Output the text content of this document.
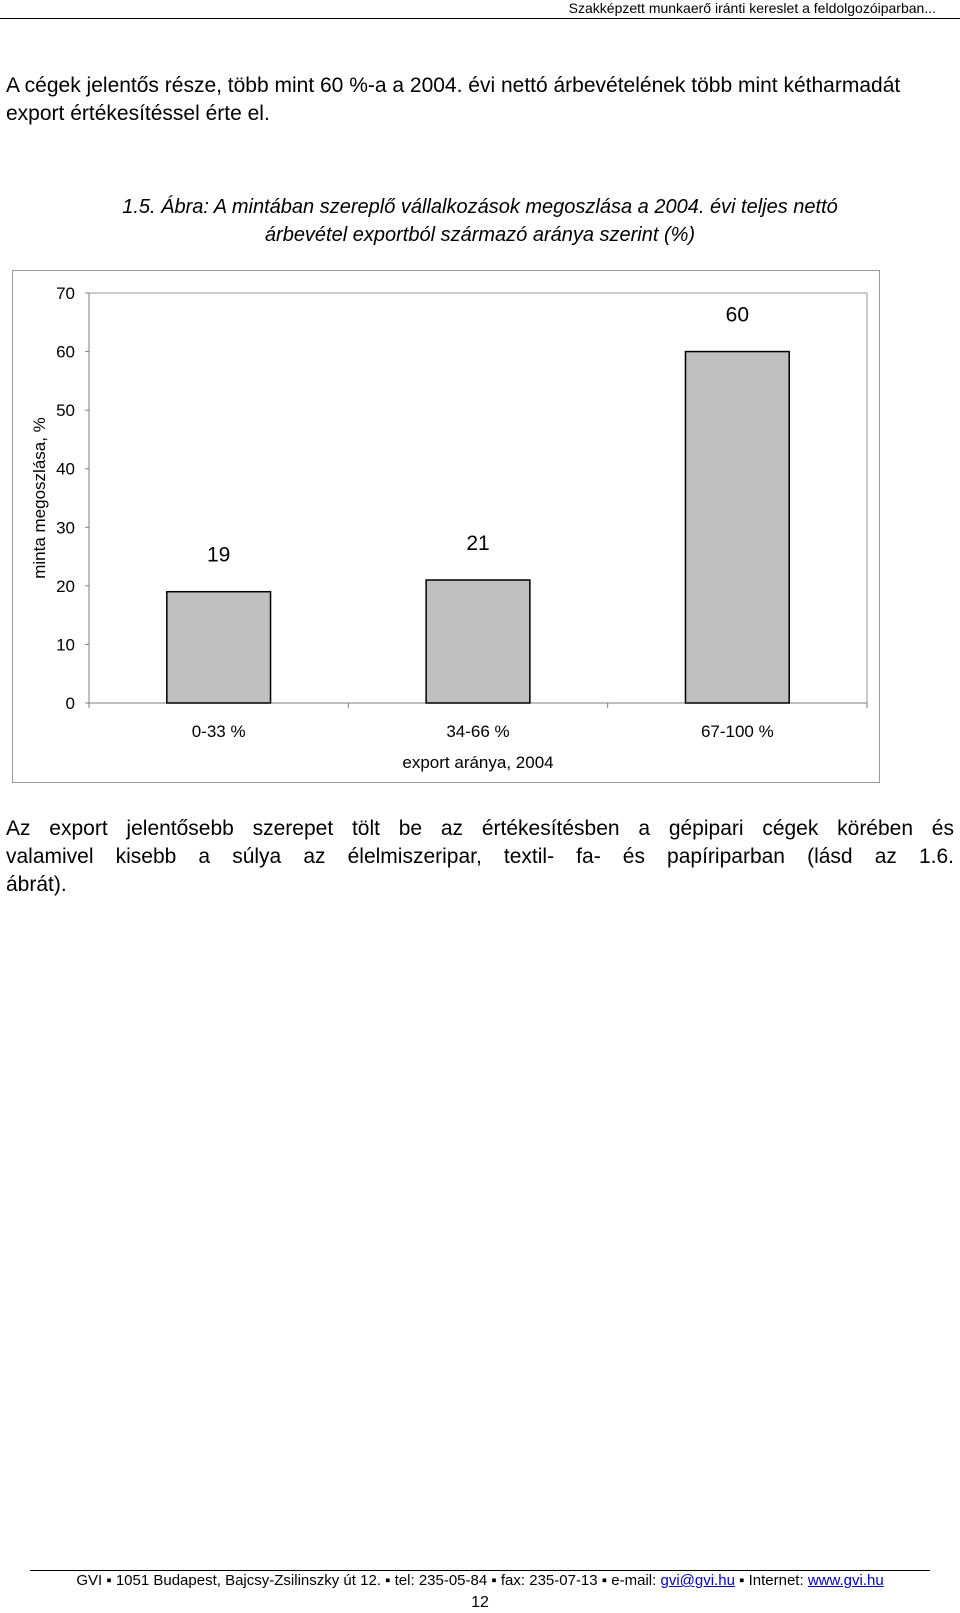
Szakképzett munkaerő iránti kereslet a feldolgozóiparban...
A cégek jelentős része, több mint 60 %-a a 2004. évi nettó árbevételének több mint kétharmadát export értékesítéssel érte el.
1.5. Ábra: A mintában szereplő vállalkozások megoszlása a 2004. évi teljes nettó
árbevétel exportból származó aránya szerint (%)
0
10
20
30
40
50
60
70
19
0-33 %
21
34-66 %
60
67-100 %
export aránya, 2004
minta megoszlása, %
Az export jelentősebb szerepet tölt be az értékesítésben a gépipari cégek körében és
valamivel kisebb a súlya az élelmiszeripar, textil- fa- és papíriparban (lásd az 1.6.
ábrát).
GVI ▪ 1051 Budapest, Bajcsy-Zsilinszky út 12. ▪ tel: 235-05-84 ▪ fax: 235-07-13 ▪ e-mail: gvi@gvi.hu ▪ Internet: www.gvi.hu
12
